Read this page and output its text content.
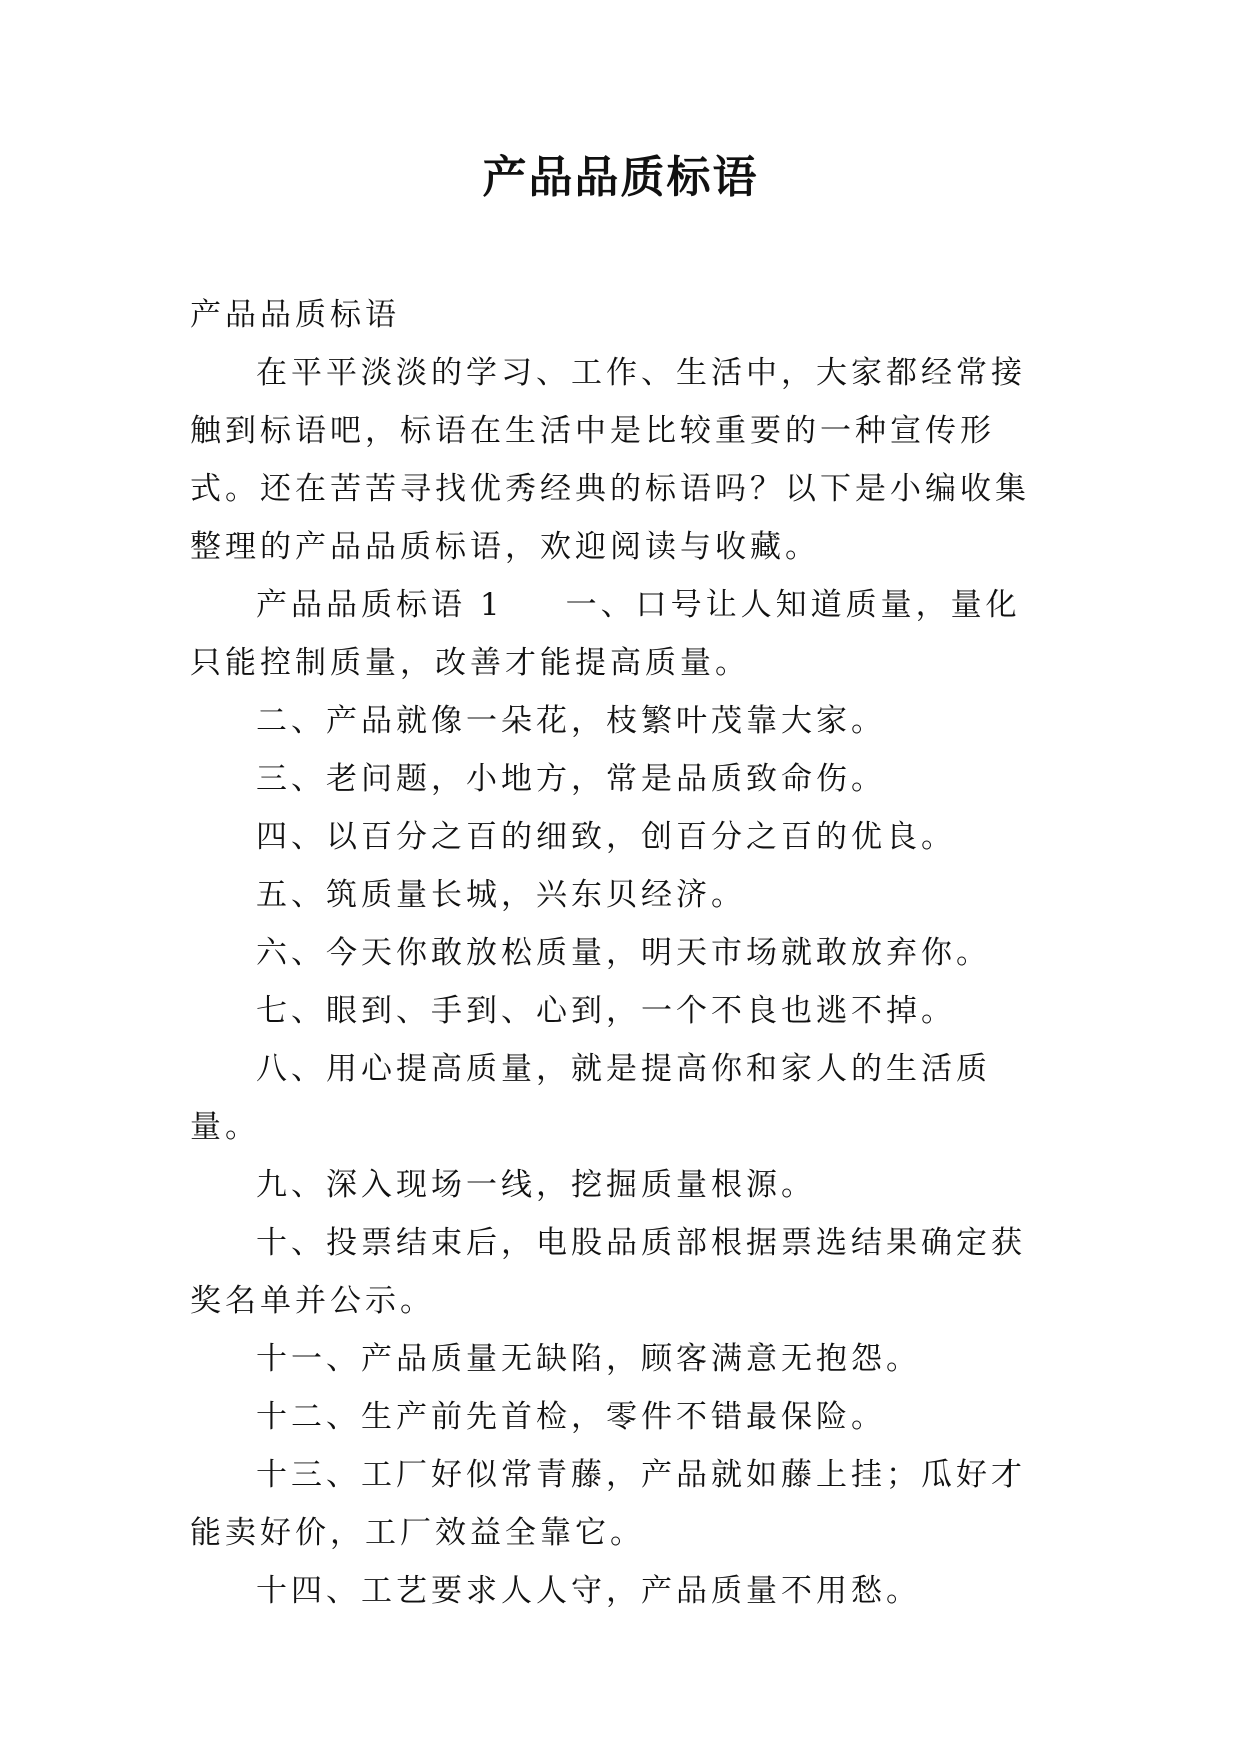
产品品质标语

产品品质标语

在平平淡淡的学习、工作、生活中，大家都经常接触到标语吧，标语在生活中是比较重要的一种宣传形式。还在苦苦寻找优秀经典的标语吗？以下是小编收集整理的产品品质标语，欢迎阅读与收藏。

产品品质标语 1 一、口号让人知道质量，量化只能控制质量，改善才能提高质量。

二、产品就像一朵花，枝繁叶茂靠大家。

三、老问题，小地方，常是品质致命伤。

四、以百分之百的细致，创百分之百的优良。

五、筑质量长城，兴东贝经济。

六、今天你敢放松质量，明天市场就敢放弃你。

七、眼到、手到、心到，一个不良也逃不掉。

八、用心提高质量，就是提高你和家人的生活质量。

九、深入现场一线，挖掘质量根源。

十、投票结束后，电股品质部根据票选结果确定获奖名单并公示。

十一、产品质量无缺陷，顾客满意无抱怨。

十二、生产前先首检，零件不错最保险。

十三、工厂好似常青藤，产品就如藤上挂；瓜好才能卖好价，工厂效益全靠它。

十四、工艺要求人人守，产品质量不用愁。
